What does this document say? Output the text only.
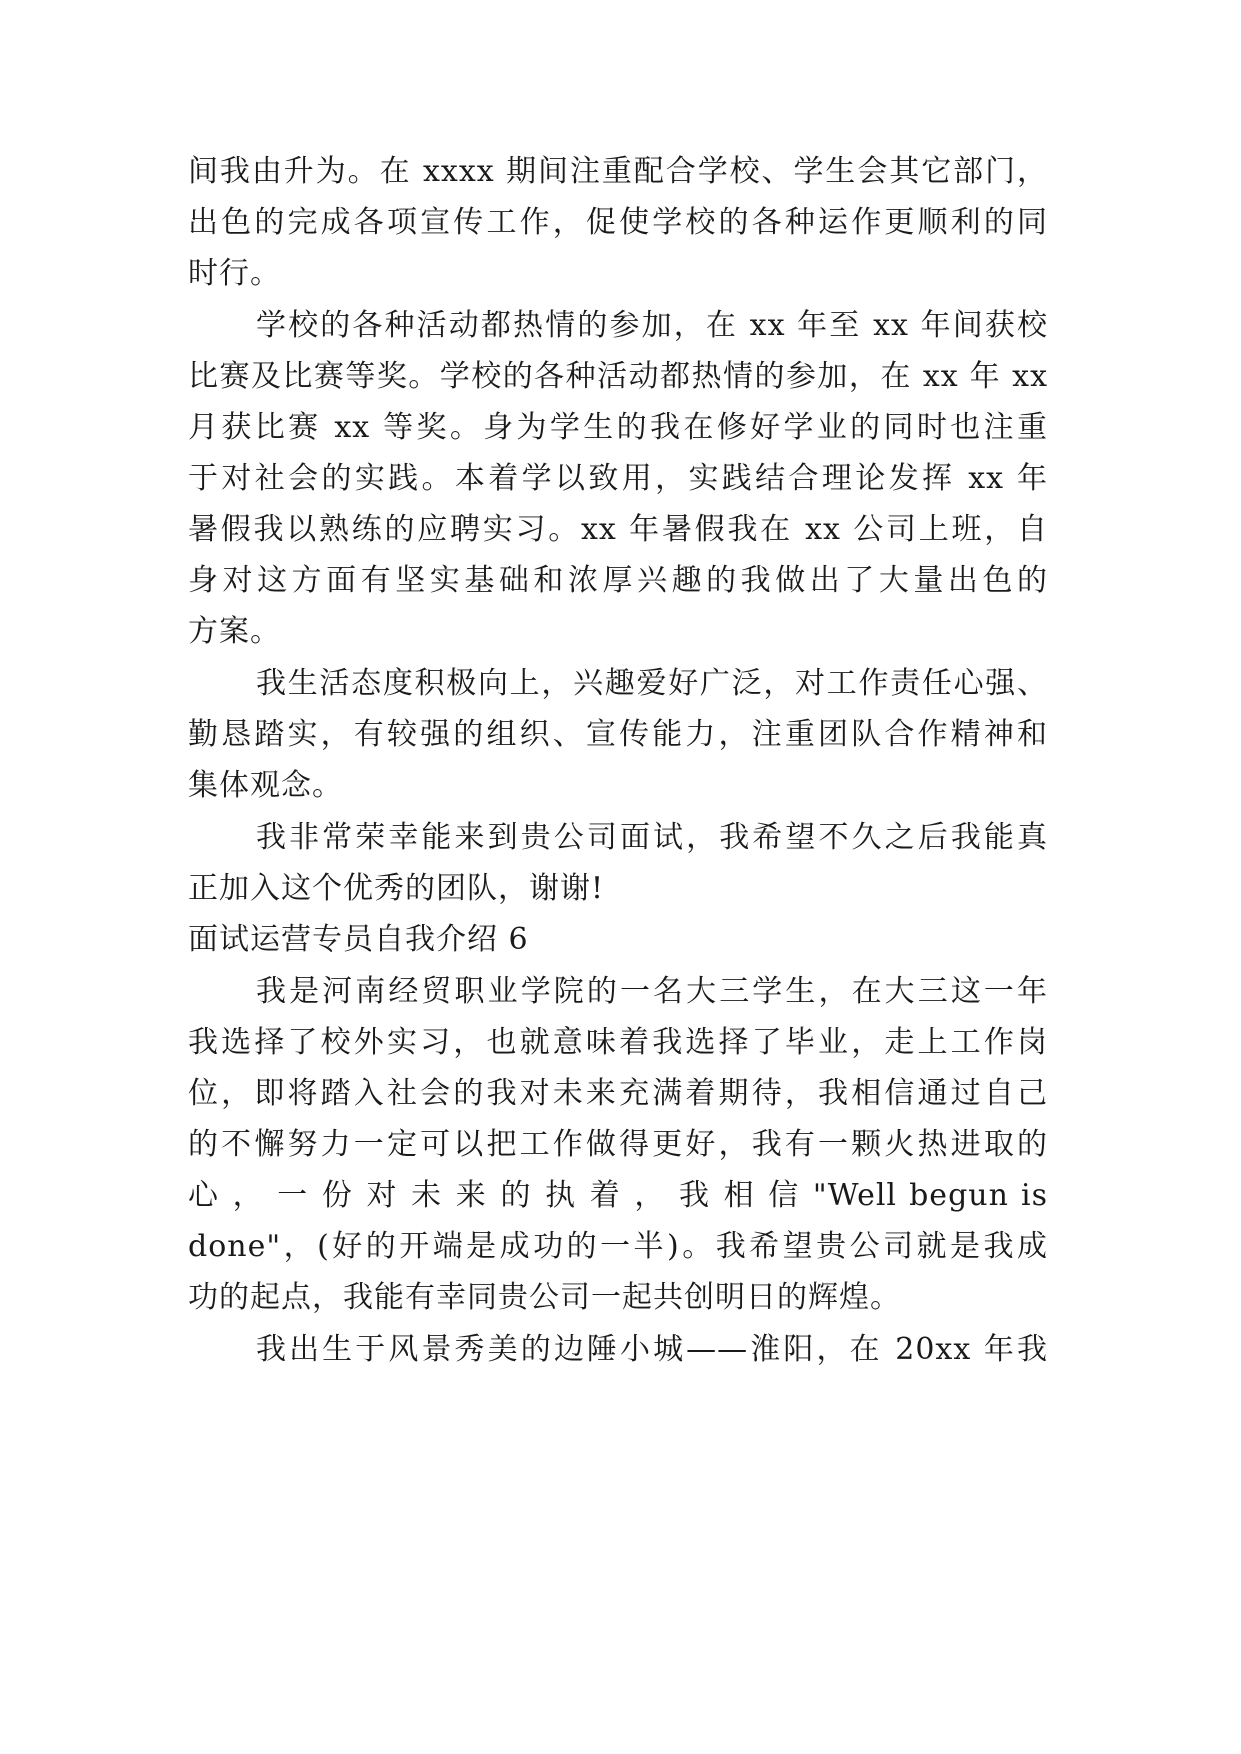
间我由升为。在 xxxx 期间注重配合学校、学生会其它部门，
出色的完成各项宣传工作，促使学校的各种运作更顺利的同
时行。
学校的各种活动都热情的参加，在 xx 年至 xx 年间获校
比赛及比赛等奖。学校的各种活动都热情的参加，在 xx 年 xx
月获比赛 xx 等奖。身为学生的我在修好学业的同时也注重
于对社会的实践。本着学以致用，实践结合理论发挥 xx 年
暑假我以熟练的应聘实习。xx 年暑假我在 xx 公司上班，自
身对这方面有坚实基础和浓厚兴趣的我做出了大量出色的
方案。
我生活态度积极向上，兴趣爱好广泛，对工作责任心强、
勤恳踏实，有较强的组织、宣传能力，注重团队合作精神和
集体观念。
我非常荣幸能来到贵公司面试，我希望不久之后我能真
正加入这个优秀的团队，谢谢!
面试运营专员自我介绍 6
我是河南经贸职业学院的一名大三学生，在大三这一年
我选择了校外实习，也就意味着我选择了毕业，走上工作岗
位，即将踏入社会的我对未来充满着期待，我相信通过自己
的不懈努力一定可以把工作做得更好，我有一颗火热进取的
心 ， 一 份 对 未 来 的 执 着 ， 我 相 信 "Well begun is
done"，(好的开端是成功的一半)。我希望贵公司就是我成
功的起点，我能有幸同贵公司一起共创明日的辉煌。
我出生于风景秀美的边陲小城——淮阳，在 20xx 年我
